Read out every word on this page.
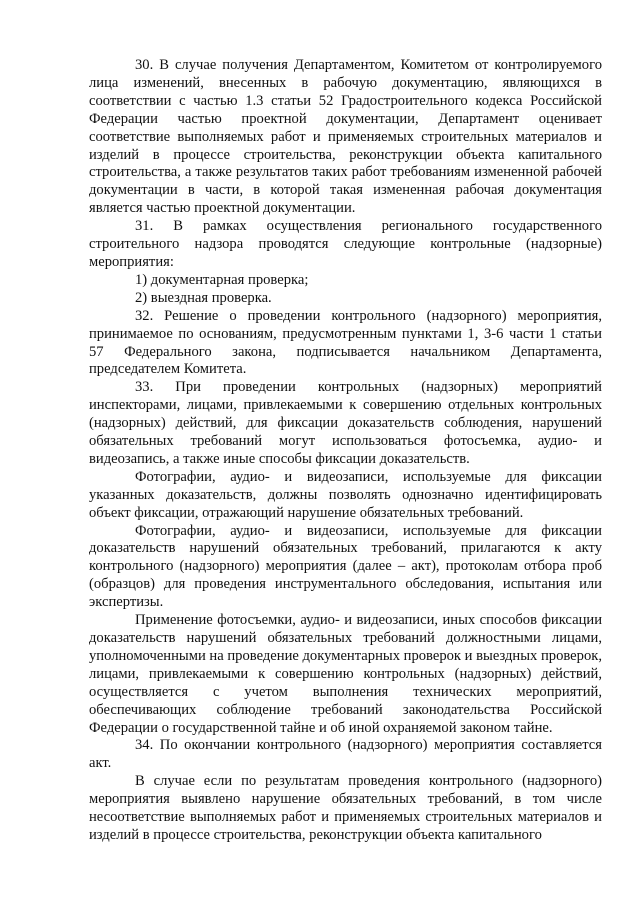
30. В случае получения Департаментом, Комитетом от контролируемого лица изменений, внесенных в рабочую документацию, являющихся в соответствии с частью 1.3 статьи 52 Градостроительного кодекса Российской Федерации частью проектной документации, Департамент оценивает соответствие выполняемых работ и применяемых строительных материалов и изделий в процессе строительства, реконструкции объекта капитального строительства, а также результатов таких работ требованиям измененной рабочей документации в части, в которой такая измененная рабочая документация является частью проектной документации.

31. В рамках осуществления регионального государственного строительного надзора проводятся следующие контрольные (надзорные) мероприятия:

1) документарная проверка;

2) выездная проверка.

32. Решение о проведении контрольного (надзорного) мероприятия, принимаемое по основаниям, предусмотренным пунктами 1, 3-6 части 1 статьи 57 Федерального закона, подписывается начальником Департамента, председателем Комитета.

33. При проведении контрольных (надзорных) мероприятий инспекторами, лицами, привлекаемыми к совершению отдельных контрольных (надзорных) действий, для фиксации доказательств соблюдения, нарушений обязательных требований могут использоваться фотосъемка, аудио- и видеозапись, а также иные способы фиксации доказательств.

Фотографии, аудио- и видеозаписи, используемые для фиксации указанных доказательств, должны позволять однозначно идентифицировать объект фиксации, отражающий нарушение обязательных требований.

Фотографии, аудио- и видеозаписи, используемые для фиксации доказательств нарушений обязательных требований, прилагаются к акту контрольного (надзорного) мероприятия (далее – акт), протоколам отбора проб (образцов) для проведения инструментального обследования, испытания или экспертизы.

Применение фотосъемки, аудио- и видеозаписи, иных способов фиксации доказательств нарушений обязательных требований должностными лицами, уполномоченными на проведение документарных проверок и выездных проверок, лицами, привлекаемыми к совершению контрольных (надзорных) действий, осуществляется с учетом выполнения технических мероприятий, обеспечивающих соблюдение требований законодательства Российской Федерации о государственной тайне и об иной охраняемой законом тайне.

34. По окончании контрольного (надзорного) мероприятия составляется акт.

В случае если по результатам проведения контрольного (надзорного) мероприятия выявлено нарушение обязательных требований, в том числе несоответствие выполняемых работ и применяемых строительных материалов и изделий в процессе строительства, реконструкции объекта капитального
